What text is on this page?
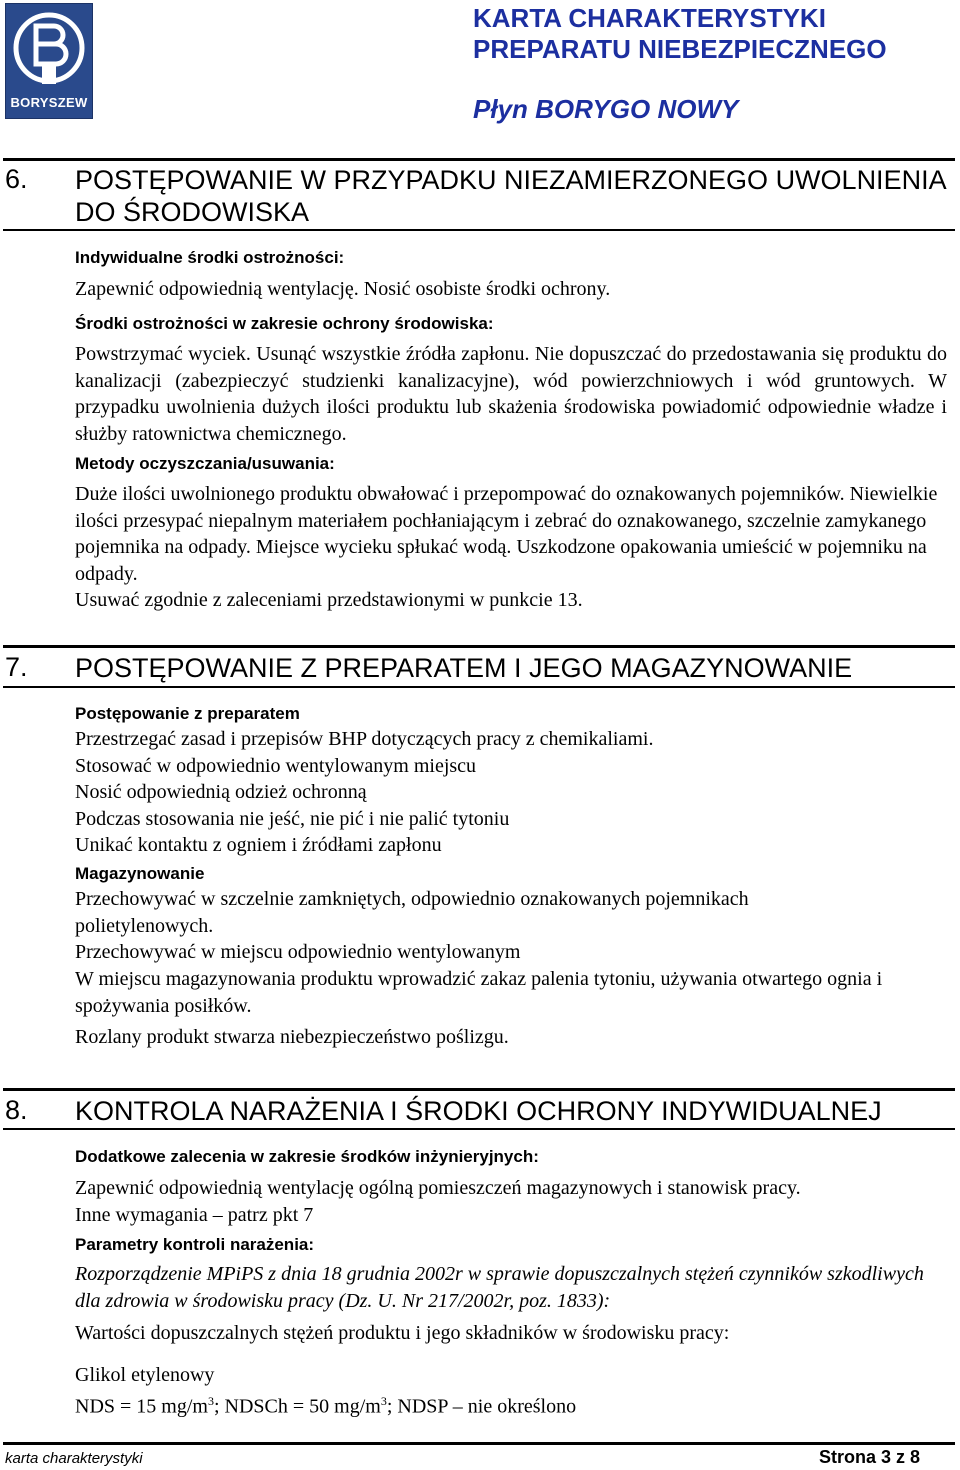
BORYSZEW
KARTA CHARAKTERYSTYKI
PREPARATU NIEBEZPIECZNEGO
Płyn BORYGO NOWY
6. POSTĘPOWANIE W PRZYPADKU NIEZAMIERZONEGO UWOLNIENIA
DO ŚRODOWISKA
Indywidualne środki ostrożności:
Zapewnić odpowiednią wentylację. Nosić osobiste środki ochrony.
Środki ostrożności w zakresie ochrony środowiska:
Powstrzymać wyciek. Usunąć wszystkie źródła zapłonu. Nie dopuszczać do przedostawania się produktu do kanalizacji (zabezpieczyć studzienki kanalizacyjne), wód powierzchniowych i wód gruntowych. W przypadku uwolnienia dużych ilości produktu lub skażenia środowiska powiadomić odpowiednie władze i służby ratownictwa chemicznego.
Metody oczyszczania/usuwania:
Duże ilości uwolnionego produktu obwałować i przepompować do oznakowanych pojemników. Niewielkie ilości przesypać niepalnym materiałem pochłaniającym i zebrać do oznakowanego, szczelnie zamykanego pojemnika na odpady. Miejsce wycieku spłukać wodą. Uszkodzone opakowania umieścić w pojemniku na odpady.
Usuwać zgodnie z zaleceniami przedstawionymi w punkcie 13.
7. POSTĘPOWANIE Z PREPARATEM I JEGO MAGAZYNOWANIE
Postępowanie z preparatem
Przestrzegać zasad i przepisów BHP dotyczących pracy z chemikaliami.
Stosować w odpowiednio wentylowanym miejscu
Nosić odpowiednią odzież ochronną
Podczas stosowania nie jeść, nie pić i nie palić tytoniu
Unikać kontaktu z ogniem i źródłami zapłonu
Magazynowanie
Przechowywać w szczelnie zamkniętych, odpowiednio oznakowanych pojemnikach polietylenowych.
Przechowywać w miejscu odpowiednio wentylowanym
W miejscu magazynowania produktu wprowadzić zakaz palenia tytoniu, używania otwartego ognia i spożywania posiłków.
Rozlany produkt stwarza niebezpieczeństwo poślizgu.
8. KONTROLA NARAŻENIA I ŚRODKI OCHRONY INDYWIDUALNEJ
Dodatkowe zalecenia w zakresie środków inżynieryjnych:
Zapewnić odpowiednią wentylację ogólną pomieszczeń magazynowych i stanowisk pracy.
Inne wymagania – patrz pkt 7
Parametry kontroli narażenia:
Rozporządzenie MPiPS z dnia 18 grudnia 2002r w sprawie dopuszczalnych stężeń czynników szkodliwych dla zdrowia w środowisku pracy (Dz. U. Nr 217/2002r, poz. 1833):
Wartości dopuszczalnych stężeń produktu i jego składników w środowisku pracy:
Glikol etylenowy
NDS = 15 $mg/m^3$; NDSCh = 50 $mg/m^3$; NDSP – nie określono
karta charakterystyki	Strona 3 z 8
